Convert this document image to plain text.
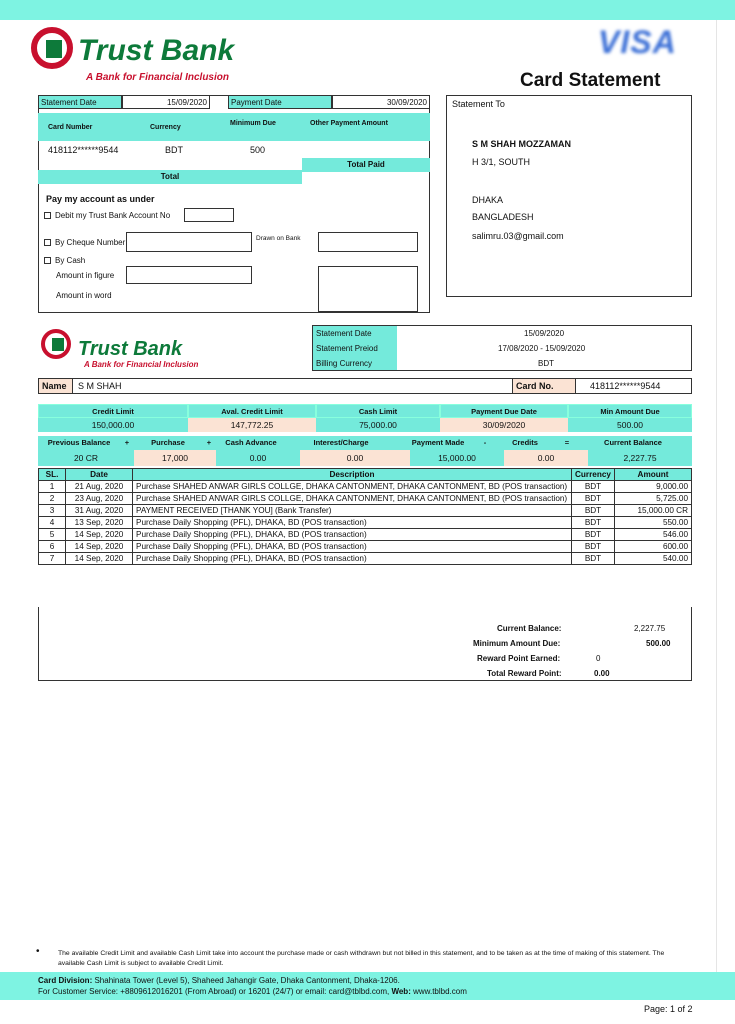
Trust Bank
A Bank for Financial Inclusion
VISA
Card Statement
Statement Date	15/09/2020	Payment Date	30/09/2020
Card Number	Currency
Minimum Due	Other Payment Amount
418112******9544	BDT	500
Total Paid
Total
Pay my account as under
Debit my Trust Bank Account No
By Cheque Number	Drawn on Bank
By Cash
Amount in figure
Amount in word
Statement To
S M SHAH MOZZAMAN
H 3/1, SOUTH
DHAKA
BANGLADESH
salimru.03@gmail.com
Trust Bank
A Bank for Financial Inclusion
Statement Date	15/09/2020
Statement Preiod	17/08/2020 - 15/09/2020
Billing Currency	BDT
Name	S M SHAH	Card No.	418112******9544
Credit Limit	Aval. Credit Limit	Cash Limit	Payment Due Date	Min Amount Due
150,000.00	147,772.25	75,000.00	30/09/2020	500.00
Previous Balance	+	Purchase	+	Cash Advance	Interest/Charge	Payment Made	-	Credits	=	Current Balance
20 CR	17,000	0.00	0.00	15,000.00	0.00	2,227.75
SL.	Date	Description	Currency	Amount
1	21 Aug, 2020	Purchase SHAHED ANWAR GIRLS COLLGE, DHAKA CANTONMENT, DHAKA CANTONMENT, BD (POS transaction)	BDT	9,000.00
2	23 Aug, 2020	Purchase SHAHED ANWAR GIRLS COLLGE, DHAKA CANTONMENT, DHAKA CANTONMENT, BD (POS transaction)	BDT	5,725.00
3	31 Aug, 2020	PAYMENT RECEIVED [THANK YOU] (Bank Transfer)	BDT	15,000.00 CR
4	13 Sep, 2020	Purchase Daily Shopping (PFL), DHAKA, BD (POS transaction)	BDT	550.00
5	14 Sep, 2020	Purchase Daily Shopping (PFL), DHAKA, BD (POS transaction)	BDT	546.00
6	14 Sep, 2020	Purchase Daily Shopping (PFL), DHAKA, BD (POS transaction)	BDT	600.00
7	14 Sep, 2020	Purchase Daily Shopping (PFL), DHAKA, BD (POS transaction)	BDT	540.00
Current Balance:	2,227.75
Minimum Amount Due:	500.00
Reward Point Earned:	0
Total Reward Point:	0.00
•	The available Credit Limit and available Cash Limit take into account the purchase made or cash withdrawn but not billed in this statement, and to be taken as at the time of making of this statement. The available Cash Limit is subject to available Credit Limit.
Card Division: Shahinata Tower (Level 5), Shaheed Jahangir Gate, Dhaka Cantonment, Dhaka-1206.
For Customer Service: +8809612016201 (From Abroad) or 16201 (24/7) or email: card@tblbd.com, Web: www.tblbd.com
Page: 1 of 2
